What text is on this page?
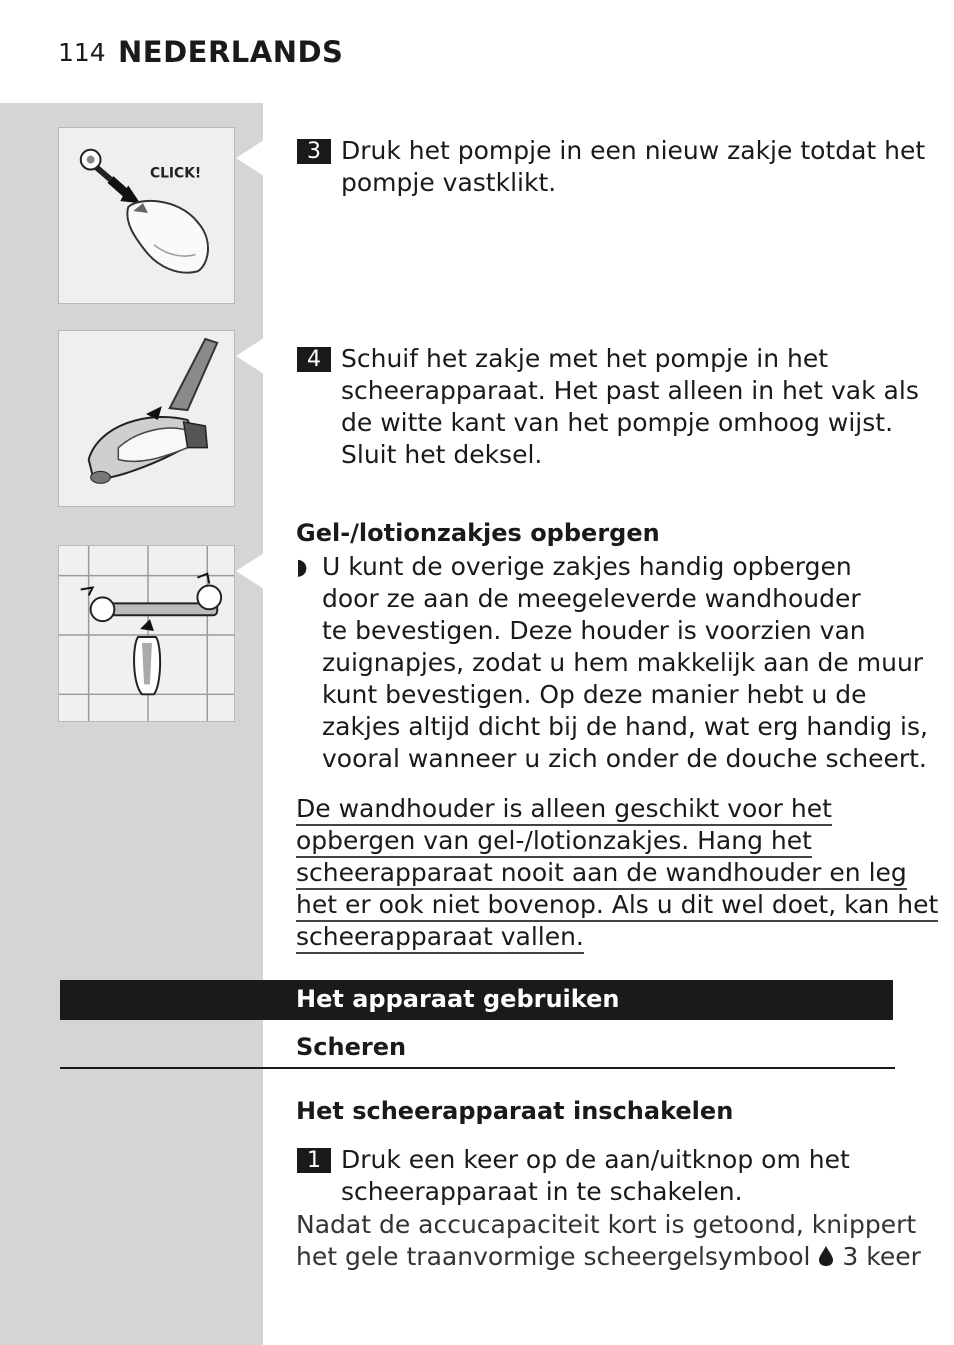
114 NEDERLANDS
CLICK!
3 Druk het pompje in een nieuw zakje totdat het
pompje vastklikt.
4 Schuif het zakje met het pompje in het
scheerapparaat. Het past alleen in het vak als
de witte kant van het pompje omhoog wijst.
Sluit het deksel.
Gel-/lotionzakjes opbergen
◗ U kunt de overige zakjes handig opbergen
door ze aan de meegeleverde wandhouder
te bevestigen. Deze houder is voorzien van
zuignapjes, zodat u hem makkelijk aan de muur
kunt bevestigen. Op deze manier hebt u de
zakjes altijd dicht bij de hand, wat erg handig is,
vooral wanneer u zich onder de douche scheert.
De wandhouder is alleen geschikt voor het
opbergen van gel-/lotionzakjes. Hang het
scheerapparaat nooit aan de wandhouder en leg
het er ook niet bovenop. Als u dit wel doet, kan het
scheerapparaat vallen.
Het apparaat gebruiken
Scheren
Het scheerapparaat inschakelen
1 Druk een keer op de aan/uitknop om het
scheerapparaat in te schakelen.
Nadat de accucapaciteit kort is getoond, knippert
het gele traanvormige scheergelsymbool 3 keer
